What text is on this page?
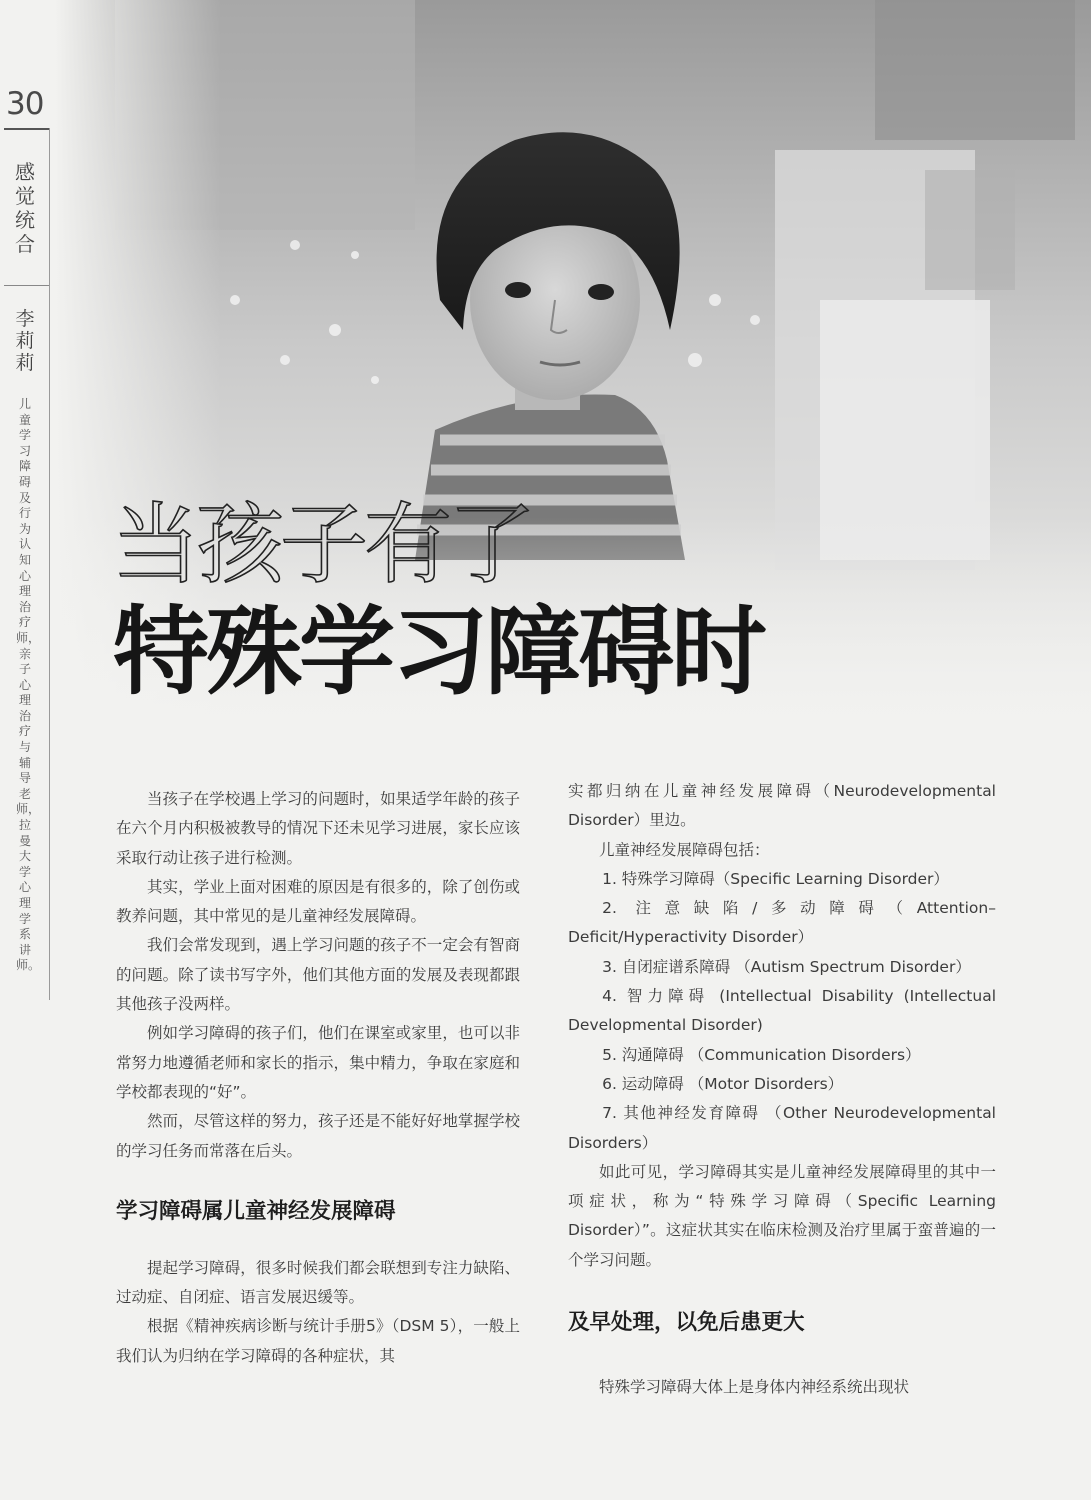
30
感觉统合
李莉莉
儿童学习障碍及行为认知心理治疗师，亲子心理治疗与辅导老师，拉曼大学心理学系讲师。
当孩子有了
特殊学习障碍时

当孩子在学校遇上学习的问题时，如果适学年龄的孩子在六个月内积极被教导的情况下还未见学习进展，家长应该采取行动让孩子进行检测。

其实，学业上面对困难的原因是有很多的，除了创伤或教养问题，其中常见的是儿童神经发展障碍。

我们会常发现到，遇上学习问题的孩子不一定会有智商的问题。除了读书写字外，他们其他方面的发展及表现都跟其他孩子没两样。

例如学习障碍的孩子们，他们在课室或家里，也可以非常努力地遵循老师和家长的指示，集中精力，争取在家庭和学校都表现的“好”。

然而，尽管这样的努力，孩子还是不能好好地掌握学校的学习任务而常落在后头。

学习障碍属儿童神经发展障碍

提起学习障碍，很多时候我们都会联想到专注力缺陷、过动症、自闭症、语言发展迟缓等。

根据《精神疾病诊断与统计手册5》（DSM 5），一般上我们认为归纳在学习障碍的各种症状，其

实都归纳在儿童神经发展障碍（Neurodevelopmental Disorder）里边。

儿童神经发展障碍包括：

1. 特殊学习障碍（Specific Learning Disorder）

2. 注意缺陷/多动障碍（Attention–Deficit/Hyperactivity Disorder）

3. 自闭症谱系障碍 （Autism Spectrum Disorder）

4. 智力障碍 (Intellectual Disability (Intellectual Developmental Disorder)

5. 沟通障碍 （Communication Disorders）

6. 运动障碍 （Motor Disorders）

7. 其他神经发育障碍 （Other Neurodevelopmental Disorders）

如此可见，学习障碍其实是儿童神经发展障碍里的其中一项症状，称为“特殊学习障碍（Specific Learning Disorder）”。这症状其实在临床检测及治疗里属于蛮普遍的一个学习问题。

及早处理，以免后患更大

特殊学习障碍大体上是身体内神经系统出现状
